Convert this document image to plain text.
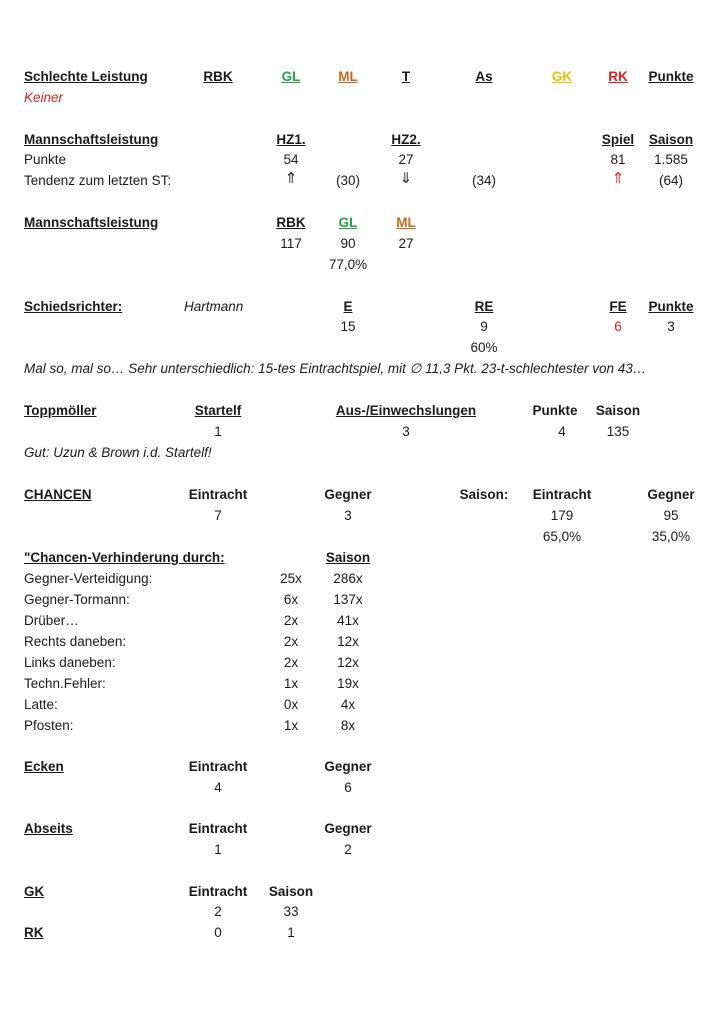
Schlechte Leistung	RBK	GL	ML	T	As	GK	RK Punkte
Keiner
Mannschaftsleistung	HZ1.	HZ2.	Spiel Saison
Punkte	54	27	81 1.585
Tendenz zum letzten ST:	⇑	(30)	⇓	(34)	⇑	(64)
Mannschaftsleistung	RBK GL	ML
117	90	27
77,0%
Schiedsrichter:	Hartmann	E	RE	FE Punkte
15	9	6	3
60%
Mal so, mal so… Sehr unterschiedlich: 15-tes Eintrachtspiel, mit ∅ 11,3 Pkt. 23-t-schlechtester von 43…
Toppmöller	Startelf	Aus-/Einwechslungen	Punkte Saison
1	3	4	135
Gut: Uzun & Brown i.d. Startelf!
CHANCEN	Eintracht	Gegner	Saison: Eintracht	Gegner
7	3	179	95
65,0%	35,0%
"Chancen-Verhinderung durch:	Saison
Gegner-Verteidigung:	25x 286x
Gegner-Tormann:	6x	137x
Drüber…	2x	41x
Rechts daneben:	2x	12x
Links daneben:	2x	12x
Techn.Fehler:	1x	19x
Latte:	0x	4x
Pfosten:	1x	8x
Ecken	Eintracht	Gegner
4	6
Abseits	Eintracht	Gegner
1	2
GK	Eintracht Saison
2	33
RK	0	1
